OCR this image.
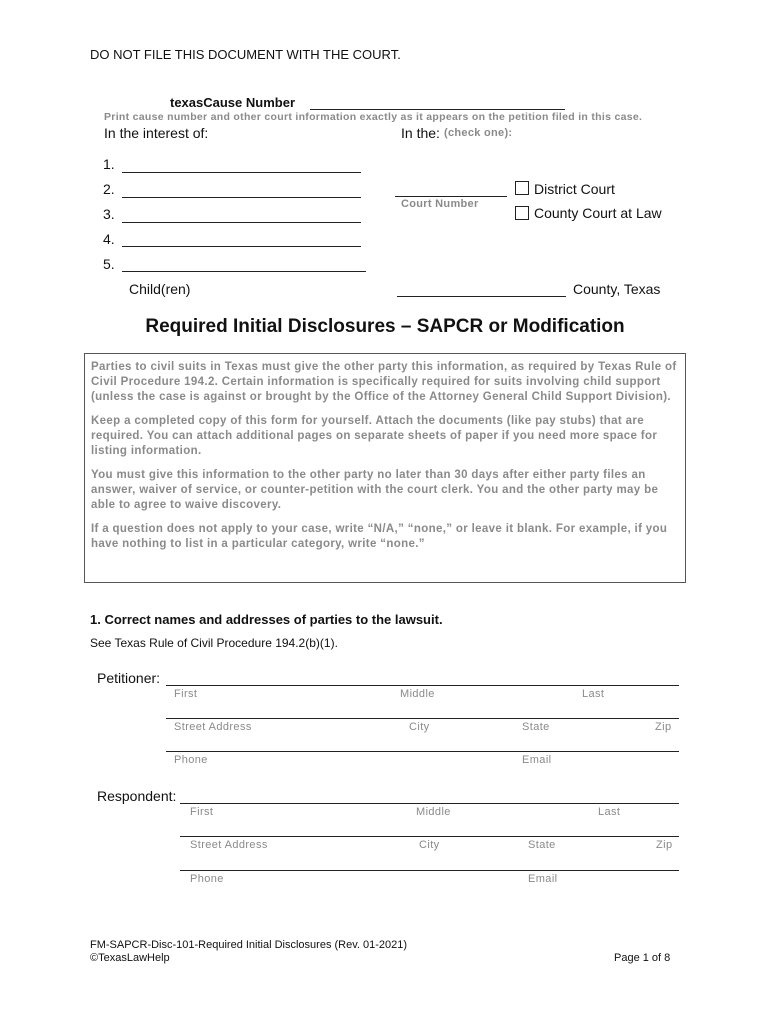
DO NOT FILE THIS DOCUMENT WITH THE COURT.
texasCause Number
Print cause number and other court information exactly as it appears on the petition filed in this case.
In the interest of:	In the: (check one):
1.
2.
3.
4.
5.
Child(ren)
Court Number
District Court
County Court at Law
County, Texas
Required Initial Disclosures – SAPCR or Modification

Parties to civil suits in Texas must give the other party this information, as required by Texas Rule of Civil Procedure 194.2. Certain information is specifically required for suits involving child support (unless the case is against or brought by the Office of the Attorney General Child Support Division).

Keep a completed copy of this form for yourself. Attach the documents (like pay stubs) that are required. You can attach additional pages on separate sheets of paper if you need more space for listing information.

You must give this information to the other party no later than 30 days after either party files an answer, waiver of service, or counter-petition with the court clerk. You and the other party may be able to agree to waive discovery.

If a question does not apply to your case, write “N/A,” “none,” or leave it blank. For example, if you have nothing to list in a particular category, write “none.”

1. Correct names and addresses of parties to the lawsuit.
See Texas Rule of Civil Procedure 194.2(b)(1).
Petitioner:
First	Middle	Last
Street Address	City	State	Zip
Phone	Email
Respondent:
First	Middle	Last
Street Address	City	State	Zip
Phone	Email
FM-SAPCR-Disc-101-Required Initial Disclosures (Rev. 01-2021)
©TexasLawHelp	Page 1 of 8
